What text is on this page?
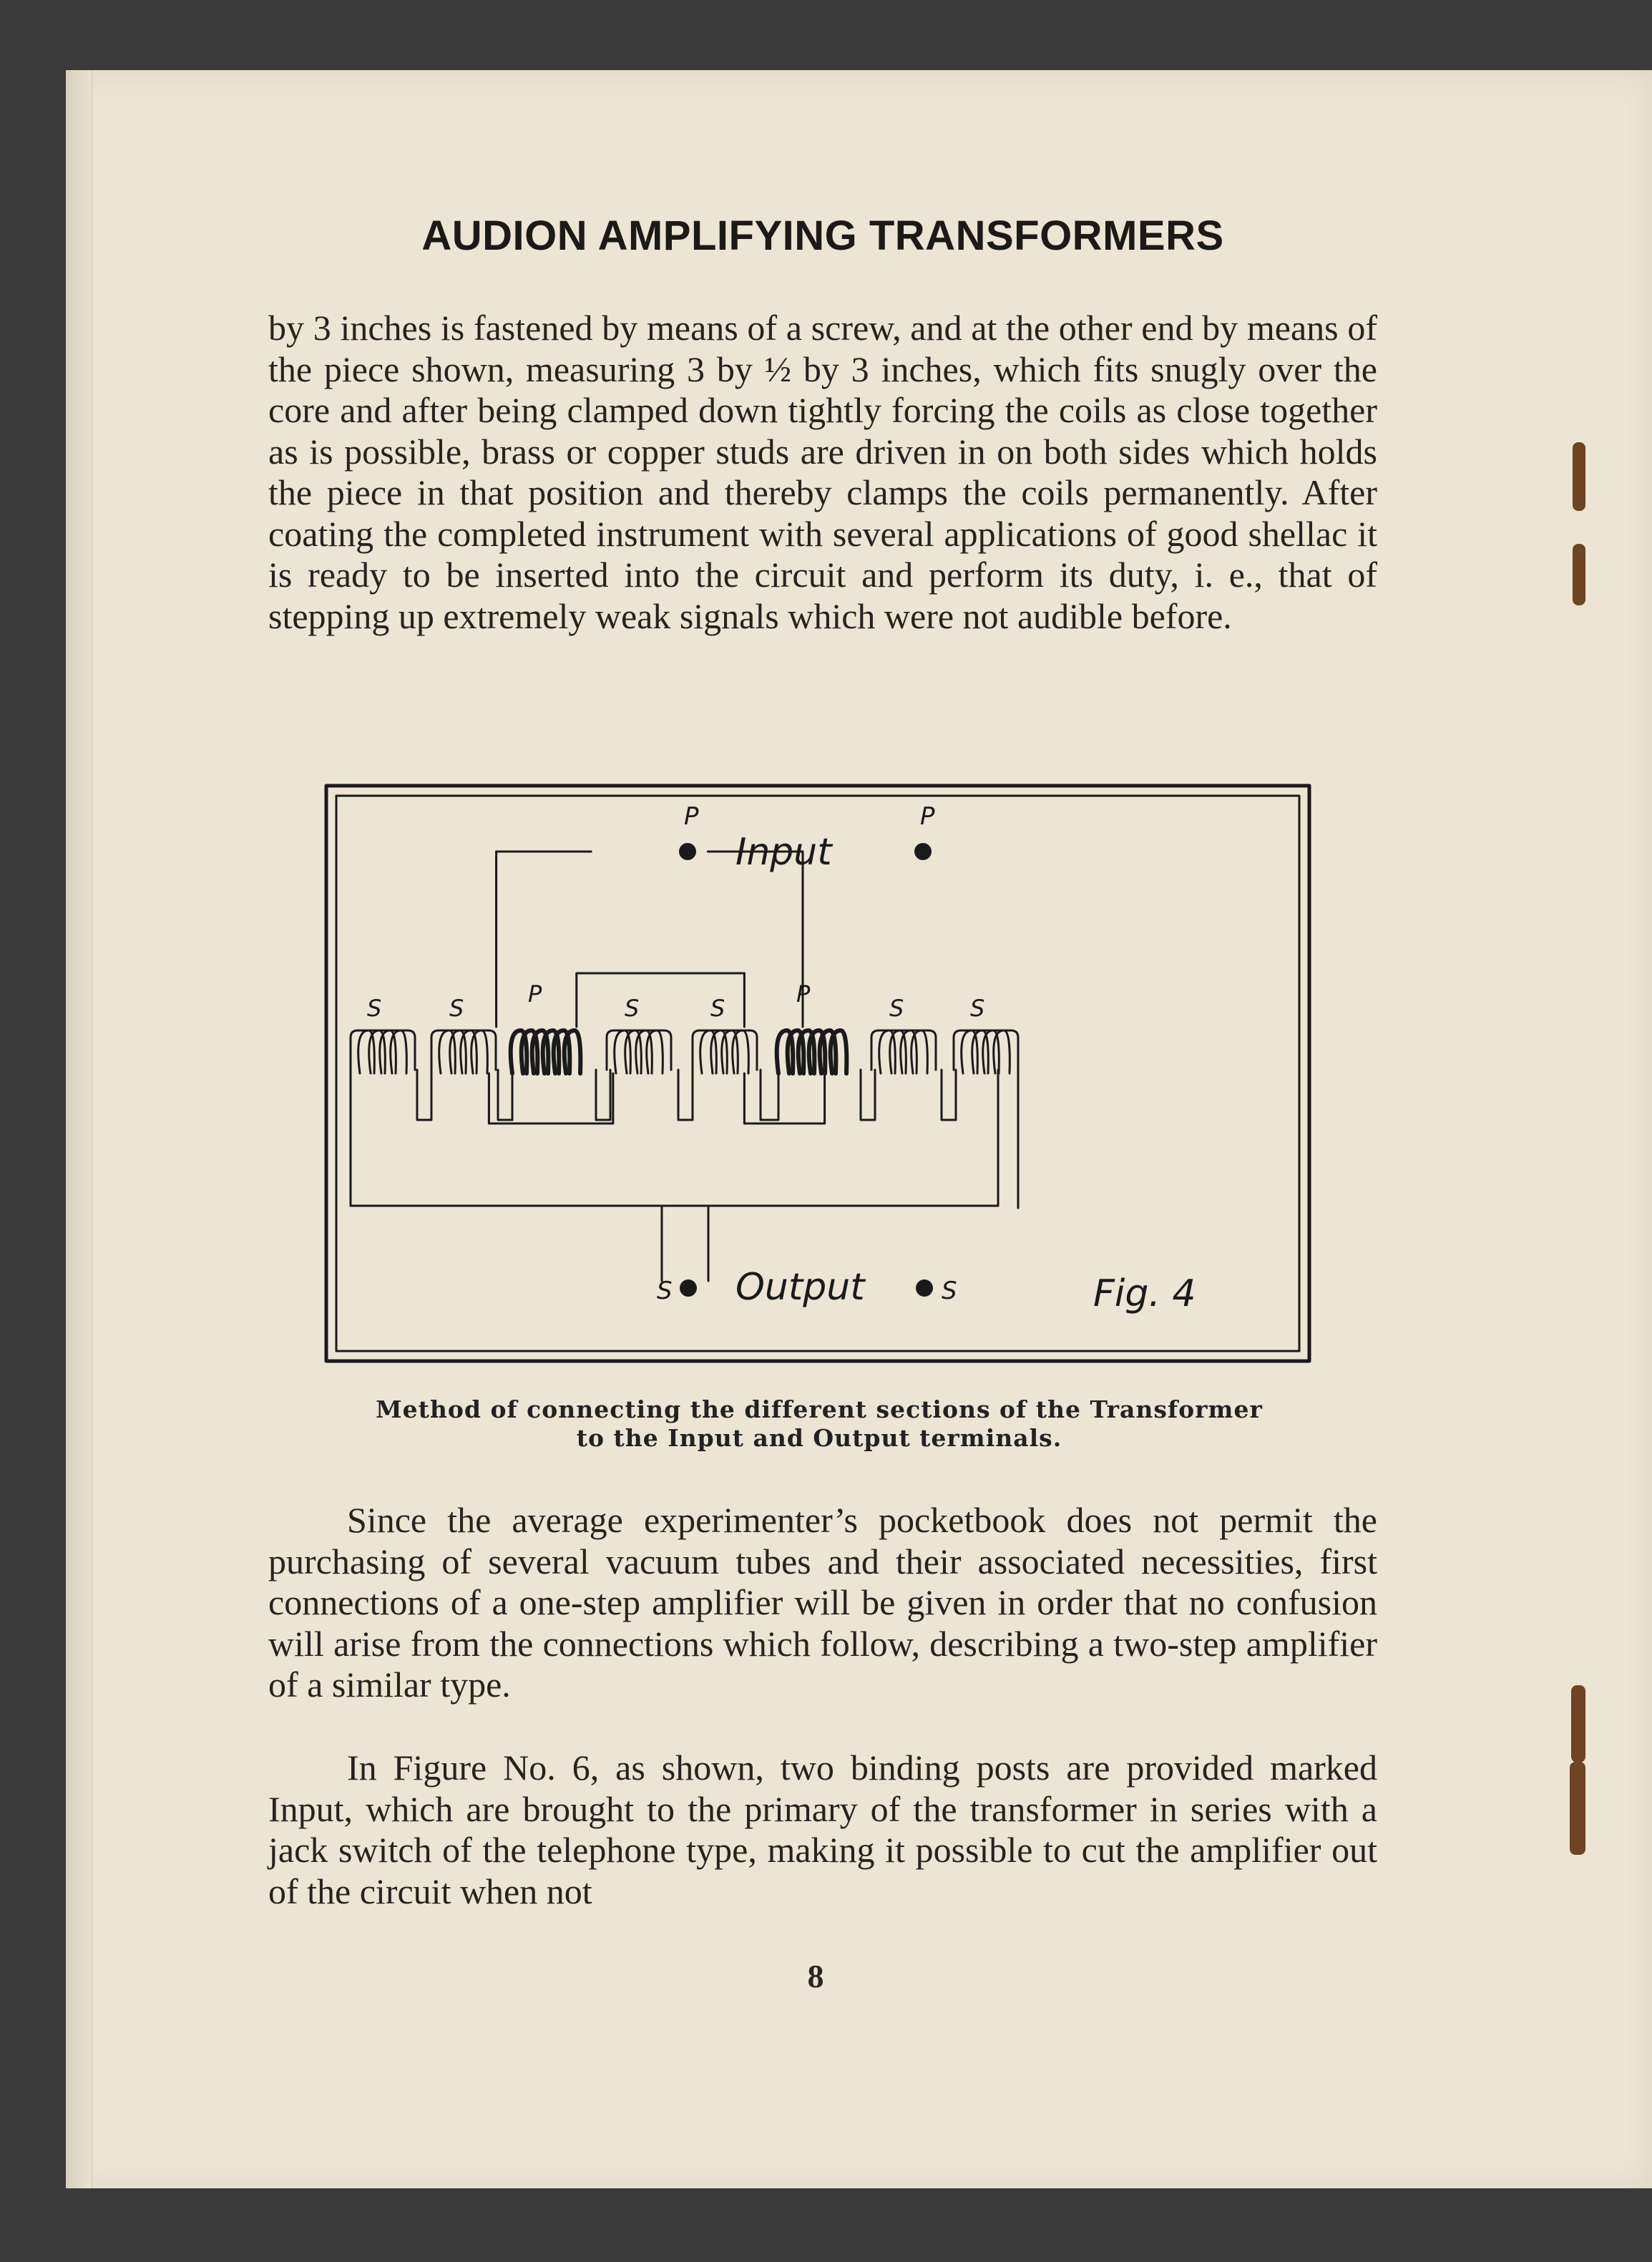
AUDION AMPLIFYING TRANSFORMERS

by 3 inches is fastened by means of a screw, and at the other end by means of the piece shown, measuring 3 by ½ by 3 inches, which fits snugly over the core and after being clamped down tightly forcing the coils as close together as is possible, brass or copper studs are driven in on both sides which holds the piece in that position and thereby clamps the coils permanently. After coating the completed instrument with several applications of good shellac it is ready to be inserted into the circuit and perform its duty, i. e., that of stepping up extremely weak signals which were not audible before.

P	P
Input
S	S
Output	Fig. 4
S	S
P
S	S
P
S	S
Method of connecting the different sections of the Transformer
to the Input and Output terminals.

Since the average experimenter’s pocketbook does not permit the purchasing of several vacuum tubes and their associated necessities, first connections of a one-step amplifier will be given in order that no confusion will arise from the connections which follow, describing a two-step amplifier of a similar type.

In Figure No. 6, as shown, two binding posts are provided marked Input, which are brought to the primary of the transformer in series with a jack switch of the telephone type, making it possible to cut the amplifier out of the circuit when not

8
